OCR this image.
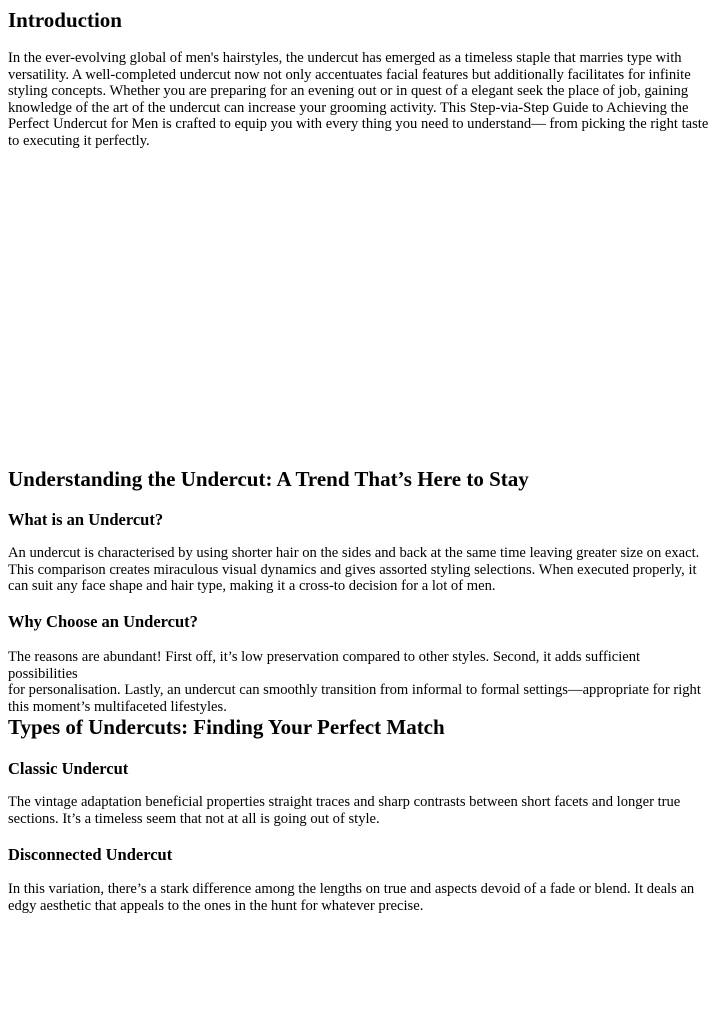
Introduction

In the ever-evolving global of men's hairstyles, the undercut has emerged as a timeless staple that marries type with
versatility. A well-completed undercut now not only accentuates facial features but additionally facilitates for infinite
styling concepts. Whether you are preparing for an evening out or in quest of a elegant seek the place of job, gaining
knowledge of the art of the undercut can increase your grooming activity. This Step-via-Step Guide to Achieving the
Perfect Undercut for Men is crafted to equip you with every thing you need to understand— from picking the right taste
to executing it perfectly.

Understanding the Undercut: A Trend That’s Here to Stay
What is an Undercut?

An undercut is characterised by using shorter hair on the sides and back at the same time leaving greater size on exact.
This comparison creates miraculous visual dynamics and gives assorted styling selections. When executed properly, it
can suit any face shape and hair type, making it a cross-to decision for a lot of men.

Why Choose an Undercut?

The reasons are abundant! First off, it’s low preservation compared to other styles. Second, it adds sufficient possibilities
for personalisation. Lastly, an undercut can smoothly transition from informal to formal settings—appropriate for right
this moment’s multifaceted lifestyles.

Types of Undercuts: Finding Your Perfect Match
Classic Undercut

The vintage adaptation beneficial properties straight traces and sharp contrasts between short facets and longer true
sections. It’s a timeless seem that not at all is going out of style.

Disconnected Undercut

In this variation, there’s a stark difference among the lengths on true and aspects devoid of a fade or blend. It deals an
edgy aesthetic that appeals to the ones in the hunt for whatever precise.
